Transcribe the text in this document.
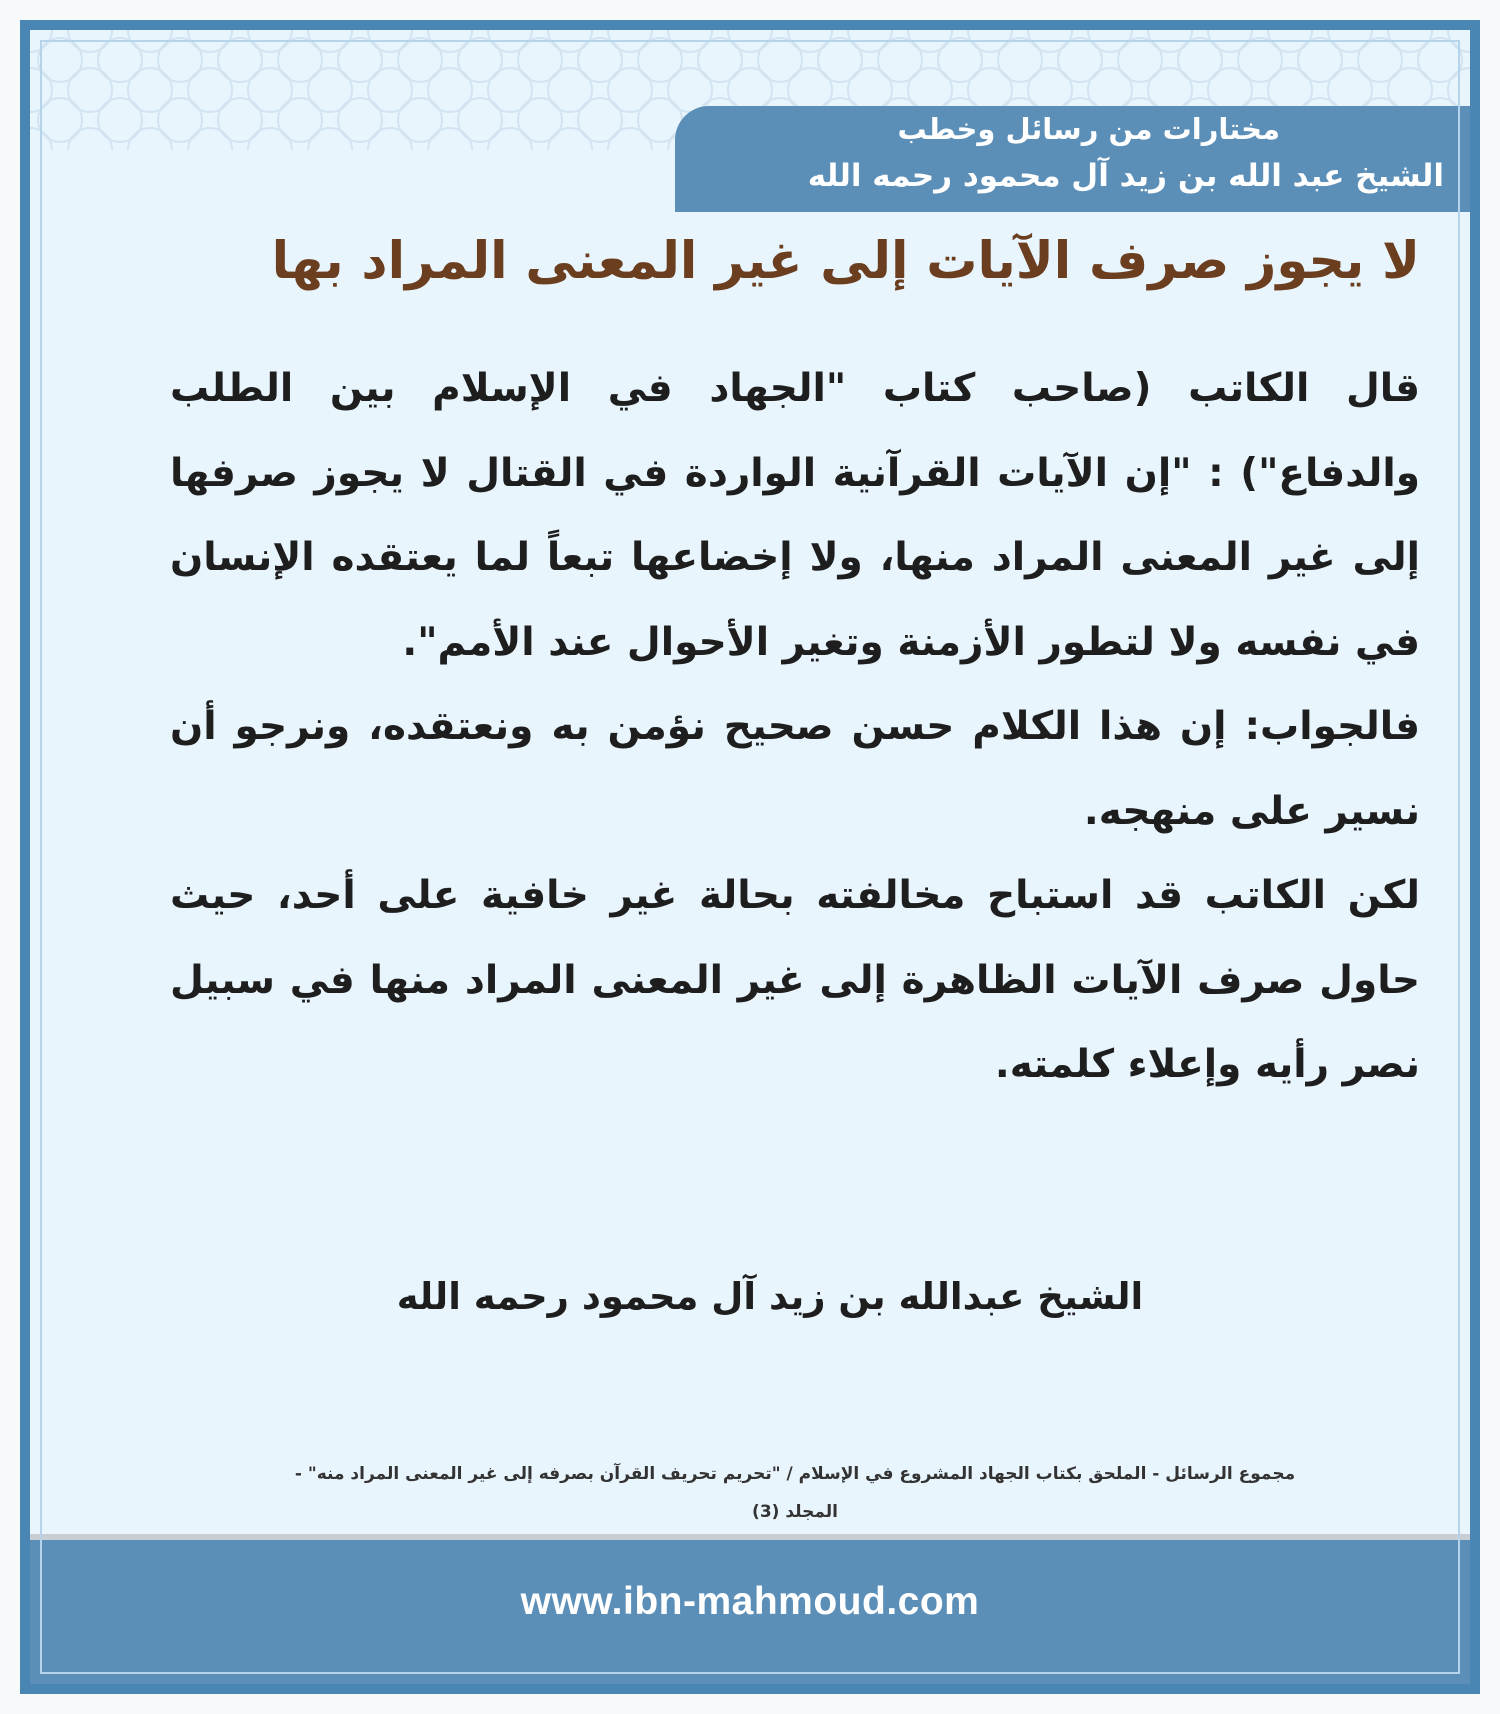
مختارات من رسائل وخطب
الشيخ عبد الله بن زيد آل محمود رحمه الله
لا يجوز صرف الآيات إلى غير المعنى المراد بها

قال الكاتب (صاحب كتاب "الجهاد في الإسلام بين الطلب والدفاع") : "إن الآيات القرآنية الواردة في القتال لا يجوز صرفها إلى غير المعنى المراد منها، ولا إخضاعها تبعاً لما يعتقده الإنسان في نفسه ولا لتطور الأزمنة وتغير الأحوال عند الأمم".

فالجواب: إن هذا الكلام حسن صحيح نؤمن به ونعتقده، ونرجو أن نسير على منهجه.

لكن الكاتب قد استباح مخالفته بحالة غير خافية على أحد، حيث حاول صرف الآيات الظاهرة إلى غير المعنى المراد منها في سبيل نصر رأيه وإعلاء كلمته.

الشيخ عبدالله بن زيد آل محمود رحمه الله
مجموع الرسائل - الملحق بكتاب الجهاد المشروع في الإسلام / "تحريم تحريف القرآن بصرفه إلى غير المعنى المراد منه" -
المجلد (3)
www.ibn-mahmoud.com
